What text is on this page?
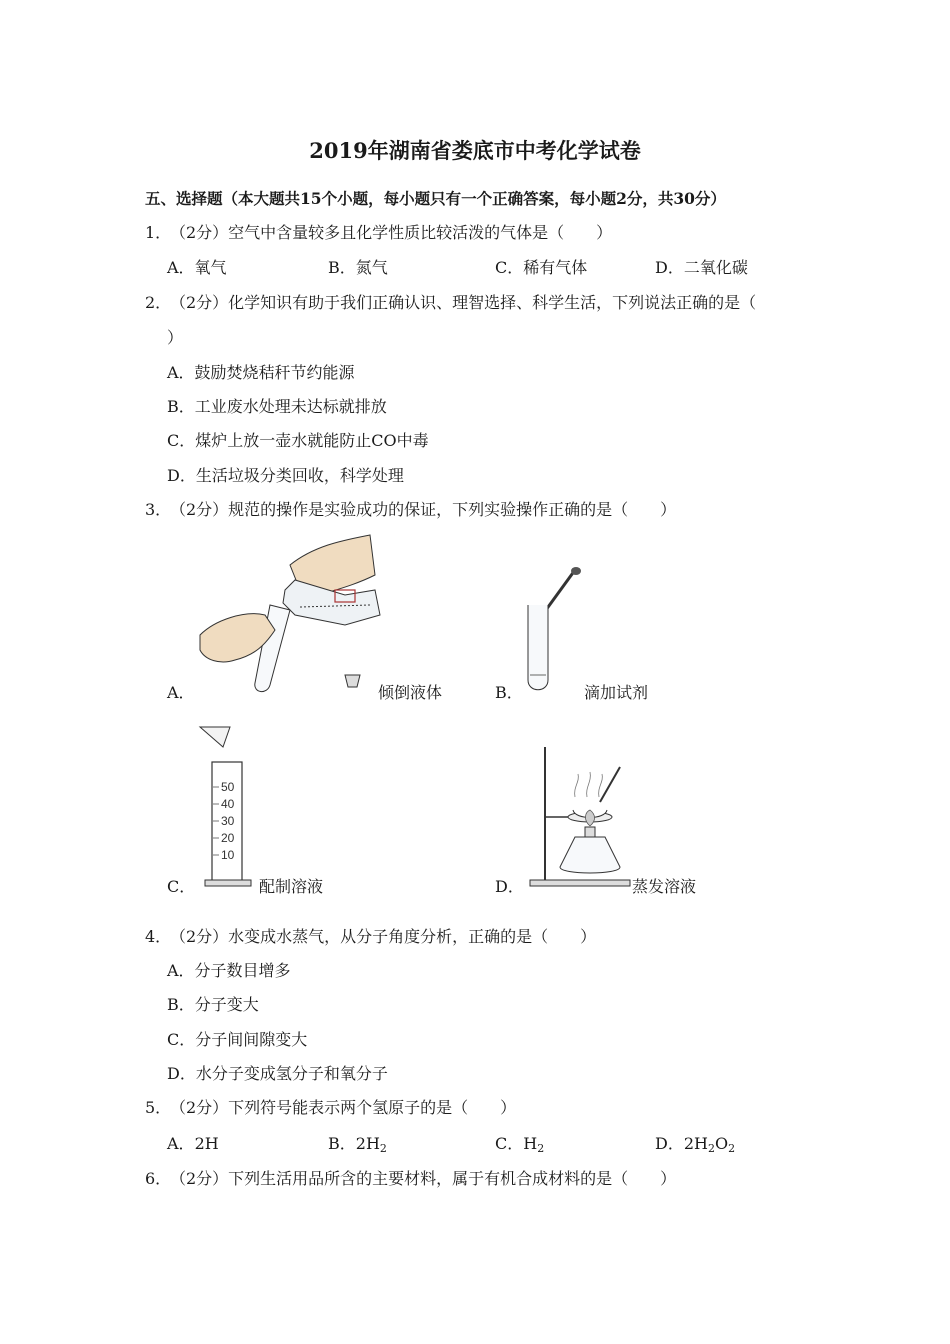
2019年湖南省娄底市中考化学试卷
五、选择题（本大题共15个小题，每小题只有一个正确答案，每小题2分，共30分）
1．
（2分）空气中含量较多且化学性质比较活泼的气体是（　　）
A．氧气	B．氮气	C．稀有气体	D．二氧化碳
2．
（2分）化学知识有助于我们正确认识、理智选择、科学生活，下列说法正确的是（
）
A．鼓励焚烧秸秆节约能源
B．工业废水处理未达标就排放
C．煤炉上放一壶水就能防止CO中毒
D．生活垃圾分类回收，科学处理
3．
（2分）规范的操作是实验成功的保证，下列实验操作正确的是（　　）
A．	倾倒液体	B．	滴加试剂
50
40
30
20
10
C．	配制溶液	D．	蒸发溶液
4．
（2分）水变成水蒸气，从分子角度分析，正确的是（　　）
A．分子数目增多
B．分子变大
C．分子间间隙变大
D．水分子变成氢分子和氧分子
5．
（2分）下列符号能表示两个氢原子的是（　　）
A．2H	B．$2H_2$	C．$H_2$	D．$2H_2O_2$
6．
（2分）下列生活用品所含的主要材料，属于有机合成材料的是（　　）
